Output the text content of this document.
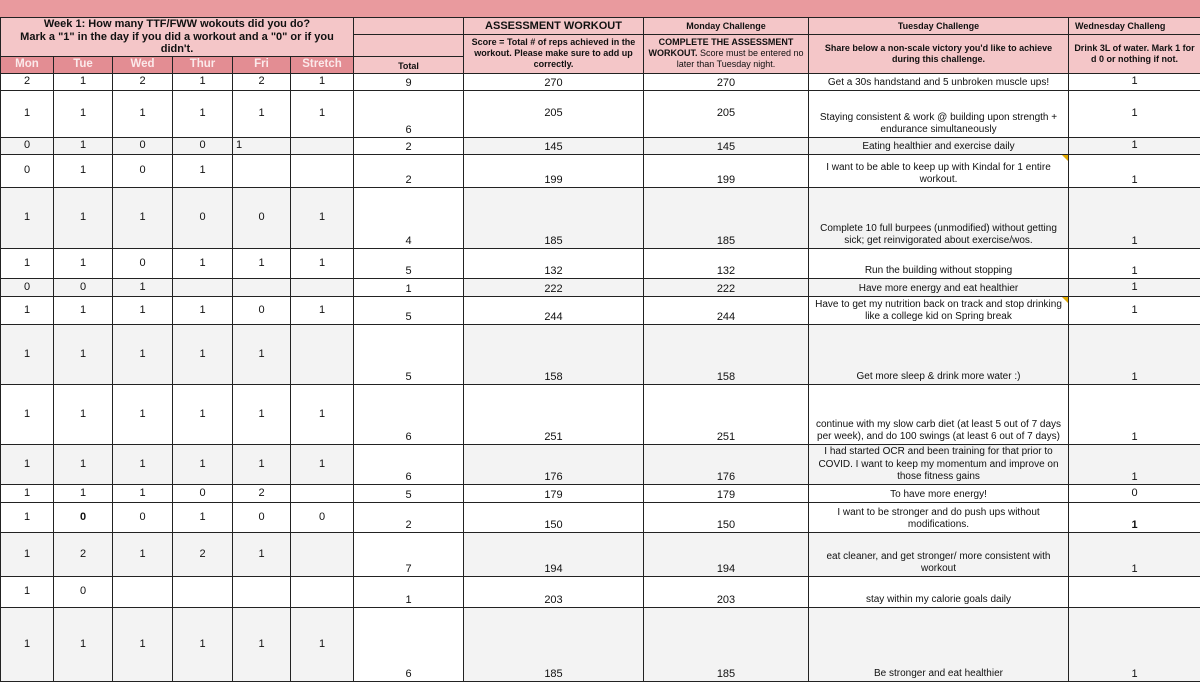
Week 1: How many TTF/FWW wokouts did you do?
Mark a "1" in the day if you did a workout and a "0" or if you didn't.							ASSESSMENT WORKOUT	Monday Challenge	Tuesday Challenge	Wednesday Challeng
							Score = Total # of reps achieved in the workout. Please make sure to add up correctly.	COMPLETE THE ASSESSMENT WORKOUT. Score must be entered no later than Tuesday night.	Share below a non-scale victory you'd like to achieve during this challenge.	Drink 3L of water. Mark 1 for d 0 or nothing if not.
Mon	Tue	Wed	Thur	Fri	Stretch	Total				
2	1	2	1	2	1	9	270	270	Get a 30s handstand and 5 unbroken muscle ups!	1
1	1	1	1	1	1	6	205	205	Staying consistent & work @ building upon strength + endurance simultaneously	1
0	1	0	0	1		2	145	145	Eating healthier and exercise daily	1
0	1	0	1			2	199	199	I want to be able to keep up with Kindal for 1 entire workout.	1
1	1	1	0	0	1	4	185	185	Complete 10 full burpees (unmodified) without getting sick; get reinvigorated about exercise/wos.	1
1	1	0	1	1	1	5	132	132	Run the building without stopping	1
0	0	1				1	222	222	Have more energy and eat healthier	1
1	1	1	1	0	1	5	244	244	Have to get my nutrition back on track and stop drinking like a college kid on Spring break	1
1	1	1	1	1		5	158	158	Get more sleep & drink more water :)	1
1	1	1	1	1	1	6	251	251	continue with my slow carb diet (at least 5 out of 7 days per week), and do 100 swings (at least 6 out of 7 days)	1
1	1	1	1	1	1	6	176	176	I had started OCR and been training for that prior to COVID. I want to keep my momentum and improve on those fitness gains	1
1	1	1	0	2		5	179	179	To have more energy!	0
1	0	0	1	0	0	2	150	150	I want to be stronger and do push ups without modifications.	1
1	2	1	2	1		7	194	194	eat cleaner, and get stronger/ more consistent with workout	1
1	0					1	203	203	stay within my calorie goals daily	
1	1	1	1	1	1	6	185	185	Be stronger and eat healthier	1
